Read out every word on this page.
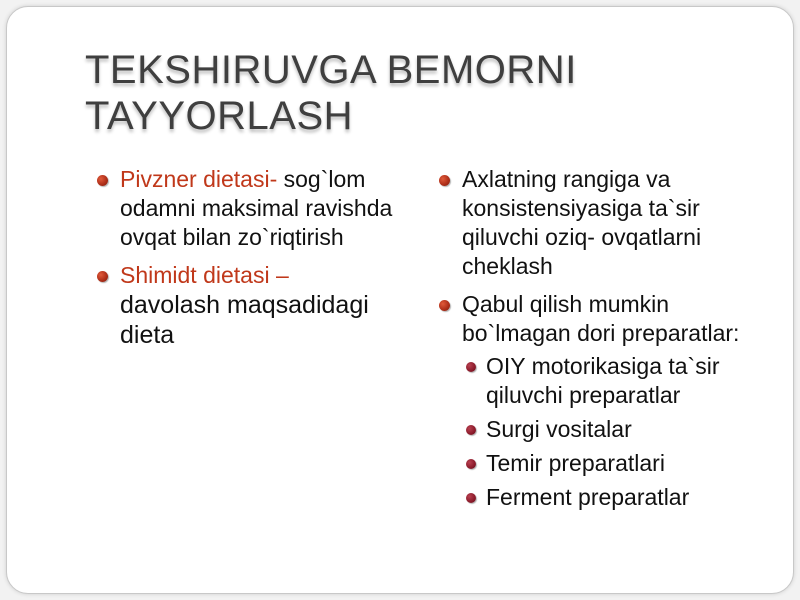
TEKSHIRUVGA BEMORNI
TAYYORLASH
Pivzner dietasi- sog`lom odamni maksimal ravishda ovqat bilan zo`riqtirish
Shimidt dietasi –
davolash maqsadidagi dieta
Axlatning rangiga va konsistensiyasiga ta`sir qiluvchi oziq- ovqatlarni cheklash
Qabul qilish mumkin bo`lmagan dori preparatlar:
OIY motorikasiga ta`sir qiluvchi preparatlar
Surgi vositalar
Temir preparatlari
Ferment preparatlar
